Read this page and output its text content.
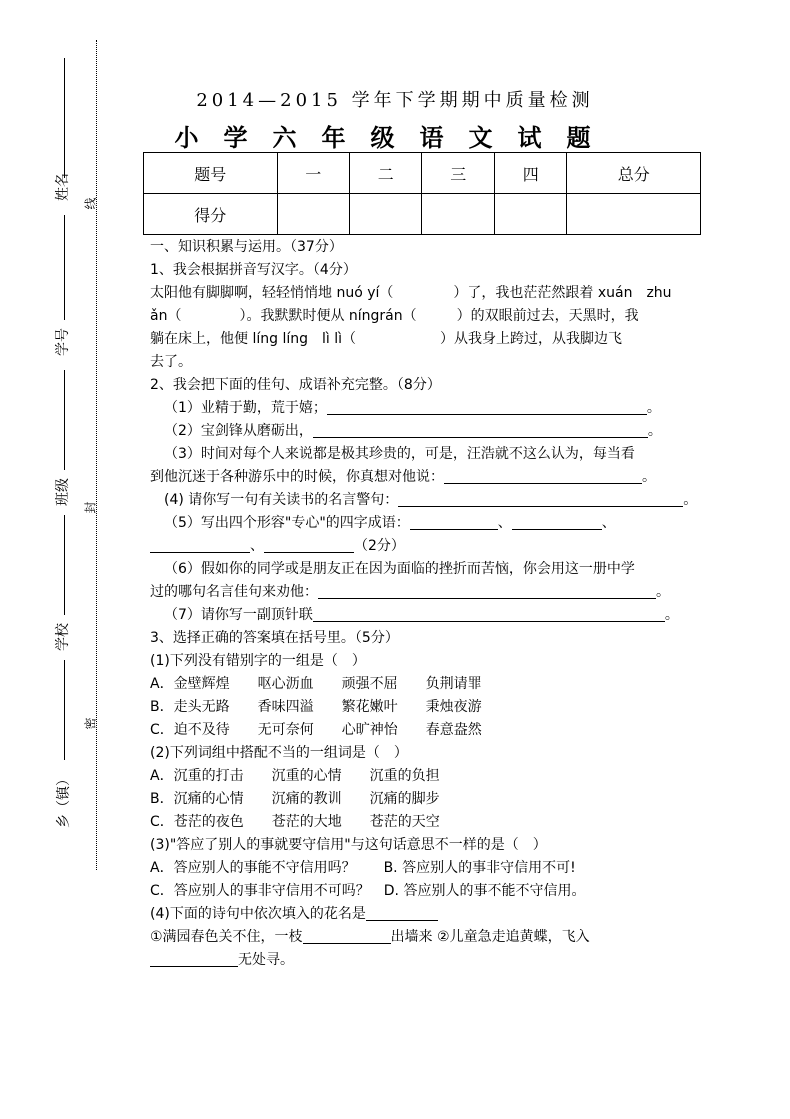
姓名
学号
班级
学校
乡（镇）
线
封
密
2014—2015 学年下学期期中质量检测
小学六年级语文试题
题号	一	二	三	四	总分
得分					
一、知识积累与运用。（37分）
1、我会根据拼音写汉字。（4分）
太阳他有脚脚啊，轻轻悄悄地 nuó yí（	）了，我也茫茫然跟着 xuán　zhu
ǎn（	）。我默默时便从 níngrán（	）的双眼前过去，天黑时，我
躺在床上，他便 líng líng　lì lì（	）从我身上跨过，从我脚边飞
去了。
2、我会把下面的佳句、成语补充完整。（8分）
（1）业精于勤，荒于嬉；	。
（2）宝剑锋从磨砺出，	。
（3）时间对每个人来说都是极其珍贵的，可是，汪浩就不这么认为，每当看
到他沉迷于各种游乐中的时候，你真想对他说：	。
(4) 请你写一句有关读书的名言警句：	。
（5）写出四个形容"专心"的四字成语：	、	、
、	（2分）
（6）假如你的同学或是朋友正在因为面临的挫折而苦恼，你会用这一册中学
过的哪句名言佳句来劝他：	。
（7）请你写一副顶针联	。
3、选择正确的答案填在括号里。（5分）
(1)下列没有错别字的一组是（　）
A．金壁辉煌　　呕心沥血　　顽强不屈　　负荆请罪
B．走头无路　　香味四溢　　繁花嫩叶　　秉烛夜游
C．迫不及待　　无可奈何　　心旷神怡　　春意盎然
(2)下列词组中搭配不当的一组词是（　）
A．沉重的打击　　沉重的心情　　沉重的负担
B．沉痛的心情　　沉痛的教训　　沉痛的脚步
C．苍茫的夜色　　苍茫的大地　　苍茫的天空
(3)"答应了别人的事就要守信用"与这句话意思不一样的是（　）
A．答应别人的事能不守信用吗？　　B. 答应别人的事非守信用不可!
C．答应别人的事非守信用不可吗？　D. 答应别人的事不能不守信用。
(4)下面的诗句中依次填入的花名是
①满园春色关不住，一枝	出墙来 ②儿童急走追黄蝶，飞入
无处寻。
